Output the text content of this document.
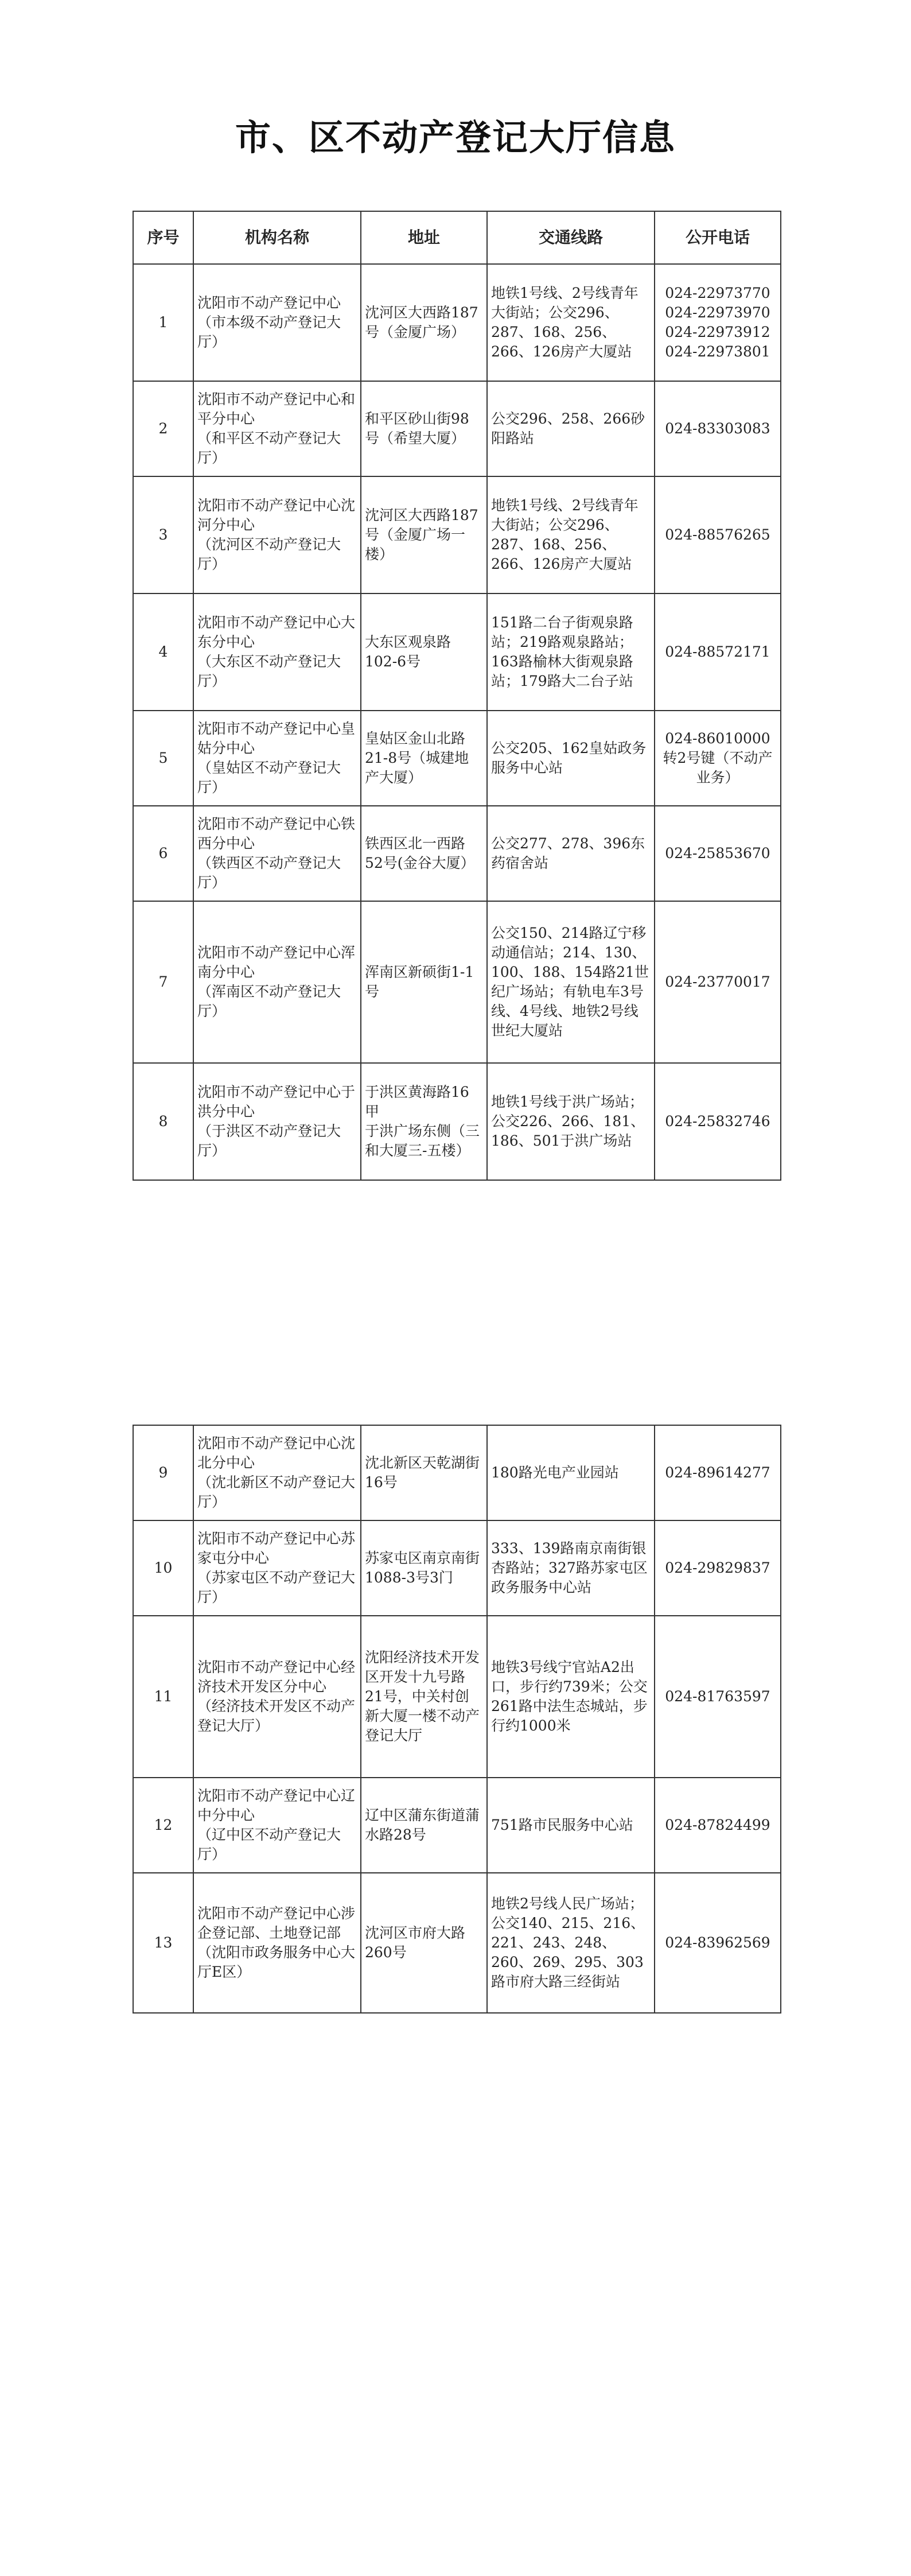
市、区不动产登记大厅信息
序号	机构名称	地址	交通线路	公开电话
1	沈阳市不动产登记中心
（市本级不动产登记大厅）	沈河区大西路187号（金厦广场）	地铁1号线、2号线青年大街站；公交296、287、168、256、266、126房产大厦站	024-22973770
024-22973970
024-22973912
024-22973801

2	沈阳市不动产登记中心和平分中心
（和平区不动产登记大厅）	和平区砂山街98号（希望大厦）	公交296、258、266砂阳路站	024-83303083

3	沈阳市不动产登记中心沈河分中心
（沈河区不动产登记大厅）	沈河区大西路187号（金厦广场一楼）	地铁1号线、2号线青年大街站；公交296、287、168、256、266、126房产大厦站	024-88576265

4	沈阳市不动产登记中心大东分中心
（大东区不动产登记大厅）	大东区观泉路102-6号	151路二台子街观泉路站；219路观泉路站；163路榆林大街观泉路站；179路大二台子站	024-88572171

5	沈阳市不动产登记中心皇姑分中心
（皇姑区不动产登记大厅）	皇姑区金山北路21-8号（城建地产大厦）	公交205、162皇姑政务服务中心站	024-86010000
转2号键（不动产业务）

6	沈阳市不动产登记中心铁西分中心
（铁西区不动产登记大厅）	铁西区北一西路52号(金谷大厦）	公交277、278、396东药宿舍站	024-25853670

7	沈阳市不动产登记中心浑南分中心
（浑南区不动产登记大厅）	浑南区新硕街1-1号	公交150、214路辽宁移动通信站；214、130、100、188、154路21世纪广场站；有轨电车3号线、4号线、地铁2号线世纪大厦站	024-23770017

8	沈阳市不动产登记中心于洪分中心
（于洪区不动产登记大厅）	于洪区黄海路16甲
于洪广场东侧（三和大厦三-五楼）	地铁1号线于洪广场站；公交226、266、181、186、501于洪广场站	024-25832746
9	沈阳市不动产登记中心沈北分中心
（沈北新区不动产登记大厅）	沈北新区天乾湖街16号	180路光电产业园站	024-89614277

10	沈阳市不动产登记中心苏家屯分中心
（苏家屯区不动产登记大厅）	苏家屯区南京南街1088-3号3门	333、139路南京南街银杏路站；327路苏家屯区政务服务中心站	024-29829837

11	沈阳市不动产登记中心经济技术开发区分中心
（经济技术开发区不动产登记大厅）	沈阳经济技术开发区开发十九号路21号，中关村创新大厦一楼不动产登记大厅	地铁3号线宁官站A2出口，步行约739米；公交261路中法生态城站，步行约1000米	024-81763597

12	沈阳市不动产登记中心辽中分中心
（辽中区不动产登记大厅）	辽中区蒲东街道蒲水路28号	751路市民服务中心站	024-87824499

13	沈阳市不动产登记中心涉企登记部、土地登记部
（沈阳市政务服务中心大厅E区）	沈河区市府大路260号	地铁2号线人民广场站；公交140、215、216、221、243、248、260、269、295、303路市府大路三经街站	024-83962569
